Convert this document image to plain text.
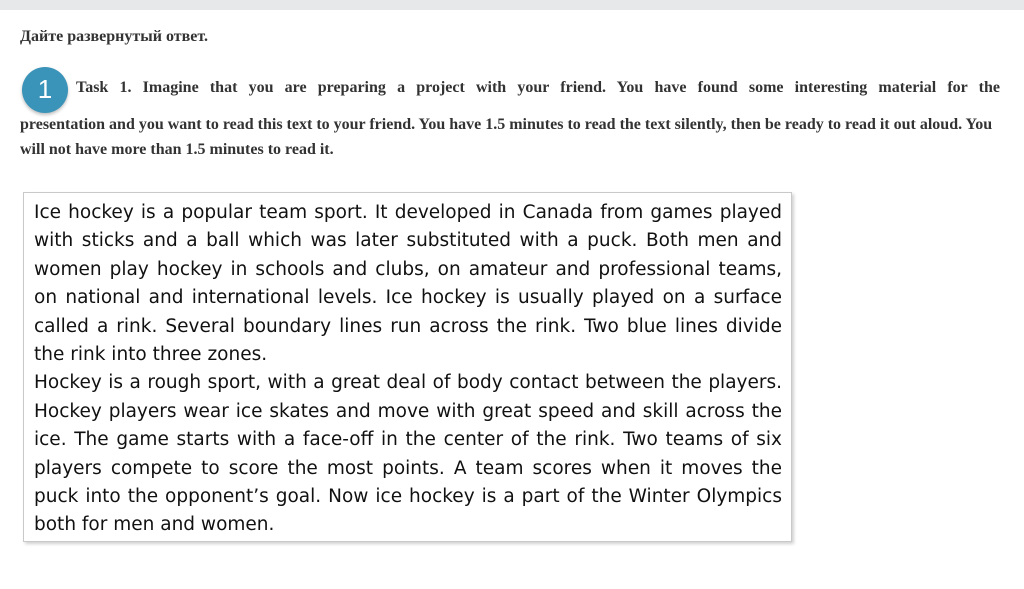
Дайте развернутый ответ.
Task 1. Imagine that you are preparing a project with your friend. You have found some interesting material for the
presentation and you want to read this text to your friend. You have 1.5 minutes to read the text silently, then be ready to read it out aloud. You will not have more than 1.5 minutes to read it.
1

Ice hockey is a popular team sport. It developed in Canada from games played with sticks and a ball which was later substituted with a puck. Both men and women play hockey in schools and clubs, on amateur and professional teams, on national and international levels. Ice hockey is usually played on a surface called a rink. Several boundary lines run across the rink. Two blue lines divide the rink into three zones.

Hockey is a rough sport, with a great deal of body contact between the players. Hockey players wear ice skates and move with great speed and skill across the ice. The game starts with a face-off in the center of the rink. Two teams of six players compete to score the most points. A team scores when it moves the puck into the opponent’s goal. Now ice hockey is a part of the Winter Olympics both for men and women.
